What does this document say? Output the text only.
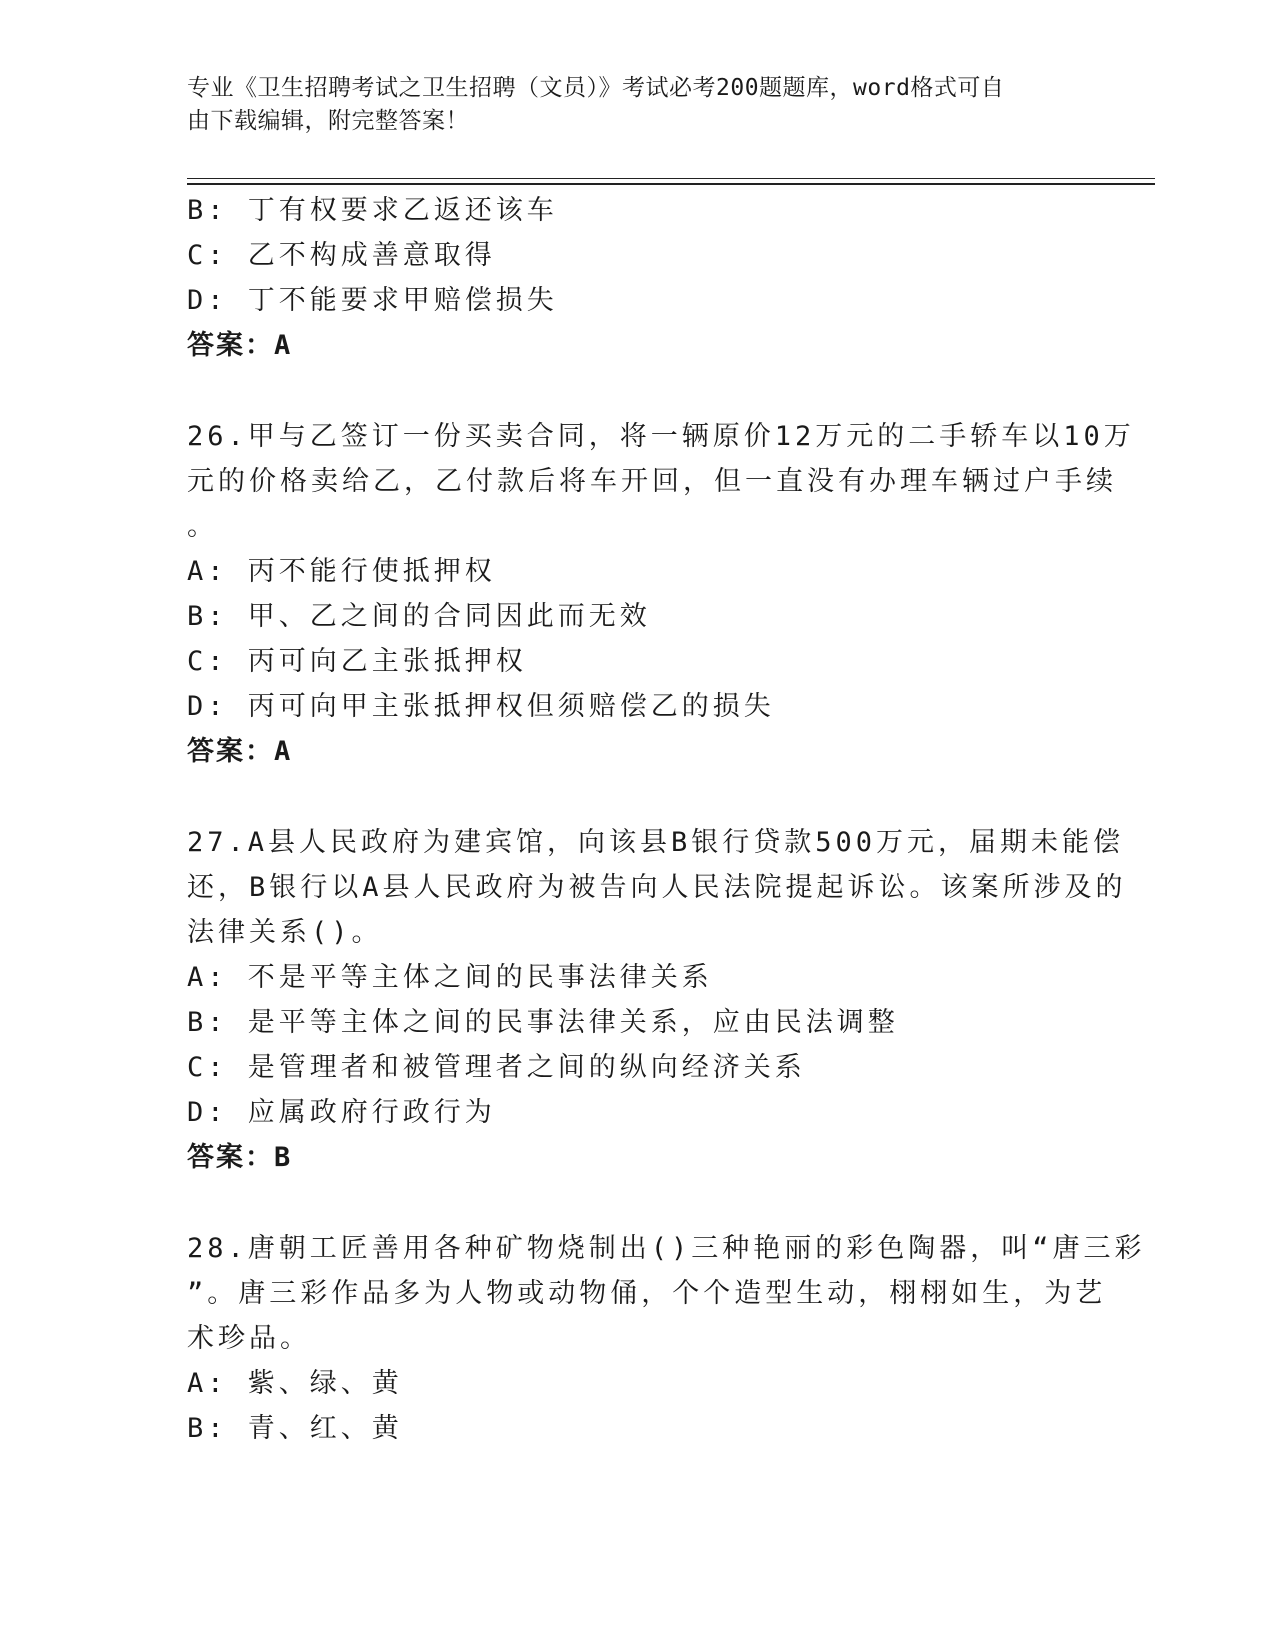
专业《卫生招聘考试之卫生招聘（文员）》考试必考200题题库，word格式可自
由下载编辑，附完整答案！
B: 丁有权要求乙返还该车
C: 乙不构成善意取得
D: 丁不能要求甲赔偿损失
答案：A
26.甲与乙签订一份买卖合同，将一辆原价12万元的二手轿车以10万
元的价格卖给乙，乙付款后将车开回，但一直没有办理车辆过户手续
。
A: 丙不能行使抵押权
B: 甲、乙之间的合同因此而无效
C: 丙可向乙主张抵押权
D: 丙可向甲主张抵押权但须赔偿乙的损失
答案：A
27.A县人民政府为建宾馆，向该县B银行贷款500万元，届期未能偿
还，B银行以A县人民政府为被告向人民法院提起诉讼。该案所涉及的
法律关系()。
A: 不是平等主体之间的民事法律关系
B: 是平等主体之间的民事法律关系，应由民法调整
C: 是管理者和被管理者之间的纵向经济关系
D: 应属政府行政行为
答案：B
28.唐朝工匠善用各种矿物烧制出()三种艳丽的彩色陶器，叫“唐三彩
”。唐三彩作品多为人物或动物俑，个个造型生动，栩栩如生，为艺
术珍品。
A: 紫、绿、黄
B: 青、红、黄
